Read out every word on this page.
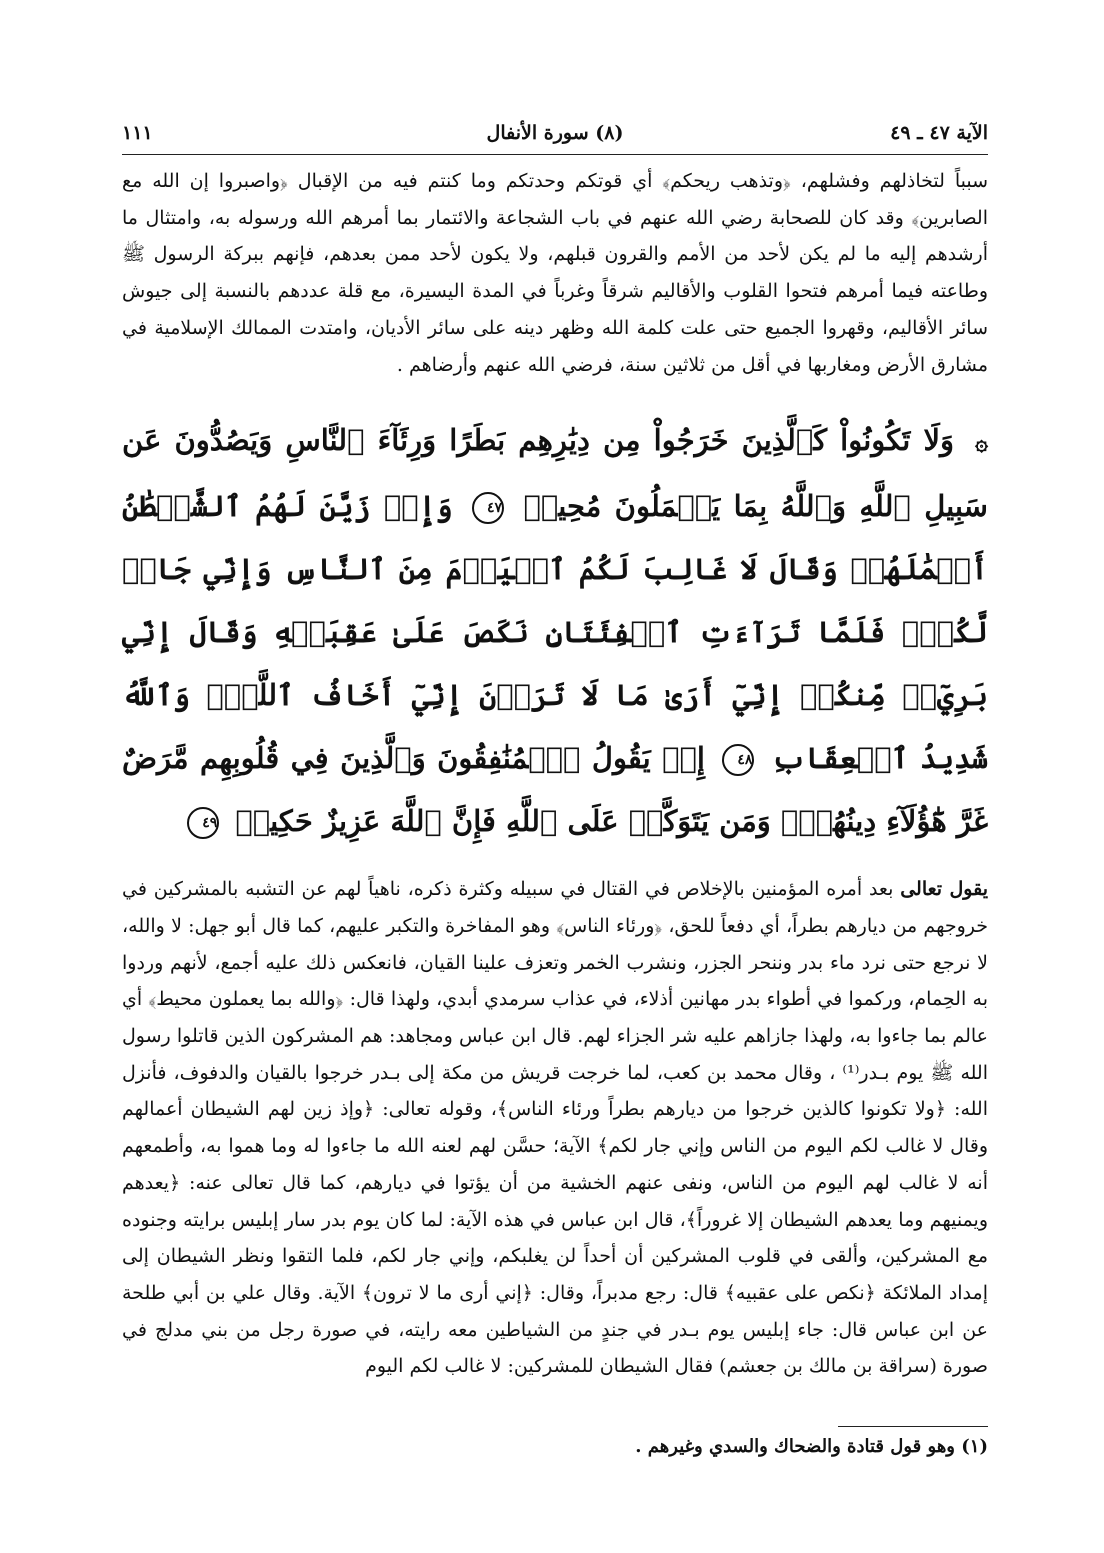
الآية ٤٧ ـ ٤٩
(٨) سورة الأنفال
١١١

سبباً لتخاذلهم وفشلهم، ﴿وتذهب ريحكم﴾ أي قوتكم وحدتكم وما كنتم فيه من الإقبال ﴿واصبروا إن الله مع الصابرين﴾ وقد كان للصحابة رضي الله عنهم في باب الشجاعة والائتمار بما أمرهم الله ورسوله به، وامتثال ما أرشدهم إليه ما لم يكن لأحد من الأمم والقرون قبلهم، ولا يكون لأحد ممن بعدهم، فإنهم ببركة الرسول ﷺ وطاعته فيما أمرهم فتحوا القلوب والأقاليم شرقاً وغرباً في المدة اليسيرة، مع قلة عددهم بالنسبة إلى جيوش سائر الأقاليم، وقهروا الجميع حتى علت كلمة الله وظهر دينه على سائر الأديان، وامتدت الممالك الإسلامية في مشارق الأرض ومغاربها في أقل من ثلاثين سنة، فرضي الله عنهم وأرضاهم .

۞ وَلَا تَكُونُواْ كَٱلَّذِينَ خَرَجُواْ مِن دِيَٰرِهِم بَطَرًا وَرِئَآءَ ٱلنَّاسِ وَيَصُدُّونَ عَن سَبِيلِ ٱللَّهِ وَٱللَّهُ بِمَا يَعۡمَلُونَ مُحِيطٞ ٤٧ وَإِذۡ زَيَّنَ لَهُمُ ٱلشَّيۡطَٰنُ أَعۡمَٰلَهُمۡ وَقَالَ لَا غَالِبَ لَكُمُ ٱلۡيَوۡمَ مِنَ ٱلنَّاسِ وَإِنِّي جَارٞ لَّكُمۡۖ فَلَمَّا تَرَآءَتِ ٱلۡفِئَتَانِ نَكَصَ عَلَىٰ عَقِبَيۡهِ وَقَالَ إِنِّي بَرِيٓءٞ مِّنكُمۡ إِنِّيٓ أَرَىٰ مَا لَا تَرَوۡنَ إِنِّيٓ أَخَافُ ٱللَّهَۚ وَٱللَّهُ شَدِيدُ ٱلۡعِقَابِ ٤٨ إِذۡ يَقُولُ ٱلۡمُنَٰفِقُونَ وَٱلَّذِينَ فِي قُلُوبِهِم مَّرَضٌ غَرَّ هَٰٓؤُلَآءِ دِينُهُمۡۗ وَمَن يَتَوَكَّلۡ عَلَى ٱللَّهِ فَإِنَّ ٱللَّهَ عَزِيزٌ حَكِيمٞ ٤٩

يقول تعالى بعد أمره المؤمنين بالإخلاص في القتال في سبيله وكثرة ذكره، ناهياً لهم عن التشبه بالمشركين في خروجهم من ديارهم بطراً، أي دفعاً للحق، ﴿ورئاء الناس﴾ وهو المفاخرة والتكبر عليهم، كما قال أبو جهل: لا والله، لا نرجع حتى نرد ماء بدر وننحر الجزر، ونشرب الخمر وتعزف علينا القيان، فانعكس ذلك عليه أجمع، لأنهم وردوا به الحِمام، وركموا في أطواء بدر مهانين أذلاء، في عذاب سرمدي أبدي، ولهذا قال: ﴿والله بما يعملون محيط﴾ أي عالم بما جاءوا به، ولهذا جازاهم عليه شر الجزاء لهم. قال ابن عباس ومجاهد: هم المشركون الذين قاتلوا رسول الله ﷺ يوم بـدر⁽¹⁾ ، وقال محمد بن كعب، لما خرجت قريش من مكة إلى بـدر خرجوا بالقيان والدفوف، فأنزل الله: ﴿ولا تكونوا كالذين خرجوا من ديارهم بطراً ورئاء الناس﴾، وقوله تعالى: ﴿وإذ زين لهم الشيطان أعمالهم وقال لا غالب لكم اليوم من الناس وإني جار لكم﴾ الآية؛ حسَّن لهم لعنه الله ما جاءوا له وما هموا به، وأطمعهم أنه لا غالب لهم اليوم من الناس، ونفى عنهم الخشية من أن يؤتوا في ديارهم، كما قال تعالى عنه: ﴿يعدهم ويمنيهم وما يعدهم الشيطان إلا غروراً﴾، قال ابن عباس في هذه الآية: لما كان يوم بدر سار إبليس برايته وجنوده مع المشركين، وألقى في قلوب المشركين أن أحداً لن يغلبكم، وإني جار لكم، فلما التقوا ونظر الشيطان إلى إمداد الملائكة ﴿نكص على عقبيه﴾ قال: رجع مدبراً، وقال: ﴿إني أرى ما لا ترون﴾ الآية. وقال علي بن أبي طلحة عن ابن عباس قال: جاء إبليس يوم بـدر في جندٍ من الشياطين معه رايته، في صورة رجل من بني مدلج في صورة (سراقة بن مالك بن جعشم) فقال الشيطان للمشركين: لا غالب لكم اليوم

(١) وهو قول قتادة والضحاك والسدي وغيرهم .
